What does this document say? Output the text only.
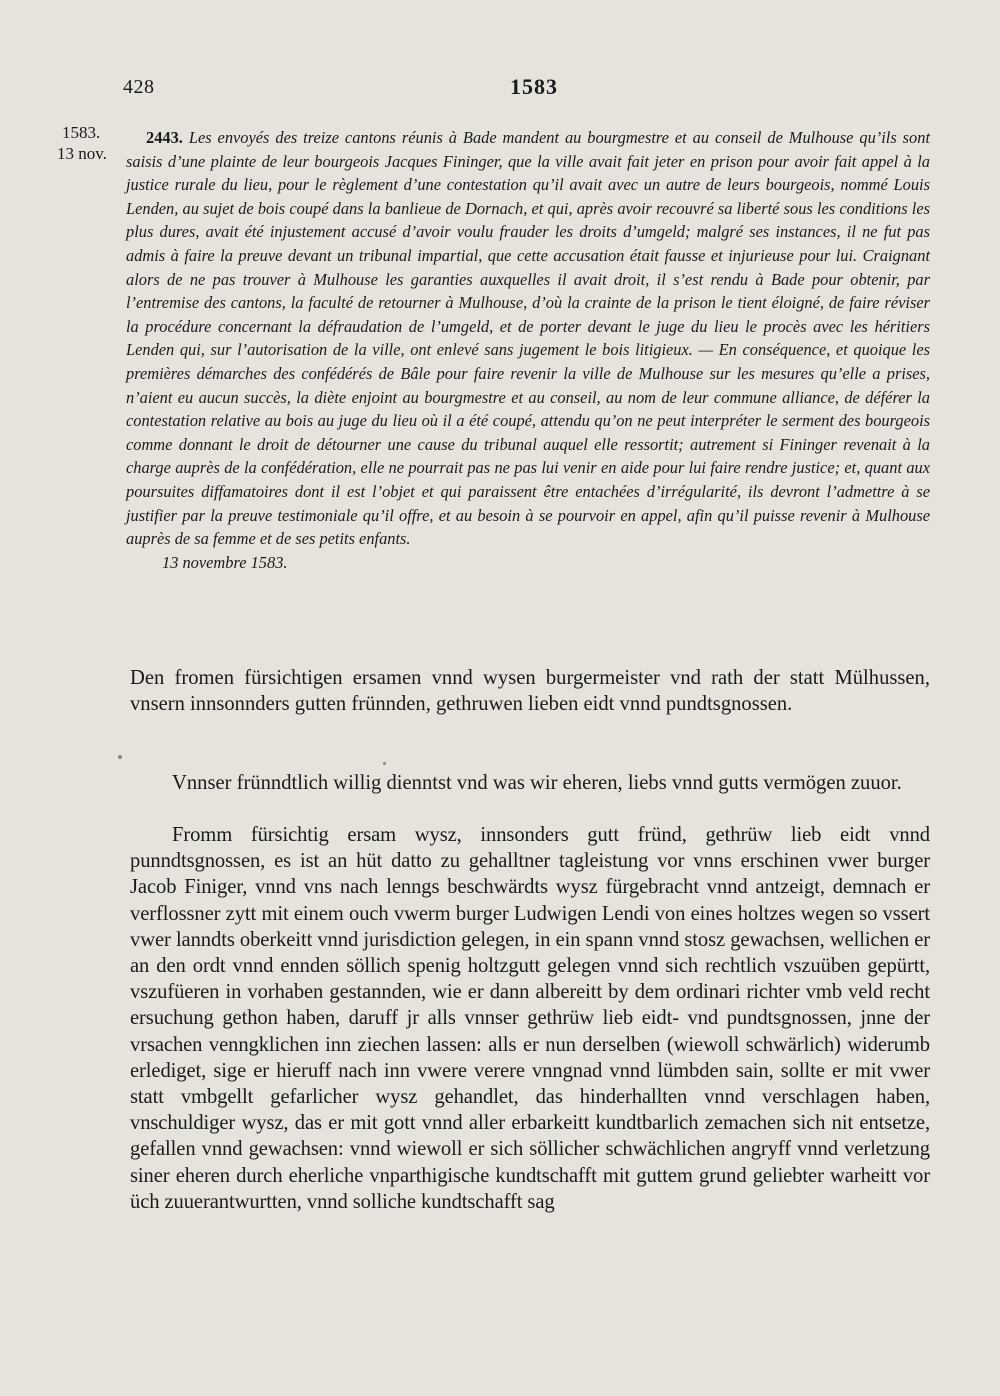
428	1583
1583.
13 nov.
2443. Les envoyés des treize cantons réunis à Bade mandent au bourgmestre et au conseil de Mulhouse qu’ils sont saisis d’une plainte de leur bourgeois Jacques Fininger, que la ville avait fait jeter en prison pour avoir fait appel à la justice rurale du lieu, pour le règlement d’une contestation qu’il avait avec un autre de leurs bourgeois, nommé Louis Lenden, au sujet de bois coupé dans la banlieue de Dornach, et qui, après avoir recouvré sa liberté sous les conditions les plus dures, avait été injustement accusé d’avoir voulu frauder les droits d’umgeld; malgré ses instances, il ne fut pas admis à faire la preuve devant un tribunal impartial, que cette accusation était fausse et injurieuse pour lui. Craignant alors de ne pas trouver à Mulhouse les garanties auxquelles il avait droit, il s’est rendu à Bade pour obtenir, par l’entremise des cantons, la faculté de retourner à Mulhouse, d’où la crainte de la prison le tient éloigné, de faire réviser la procédure concernant la défraudation de l’umgeld, et de porter devant le juge du lieu le procès avec les héritiers Lenden qui, sur l’autorisation de la ville, ont enlevé sans jugement le bois litigieux. — En conséquence, et quoique les premières démarches des confédérés de Bâle pour faire revenir la ville de Mulhouse sur les mesures qu’elle a prises, n’aient eu aucun succès, la diète enjoint au bourgmestre et au conseil, au nom de leur commune alliance, de déférer la contestation relative au bois au juge du lieu où il a été coupé, attendu qu’on ne peut interpréter le serment des bourgeois comme donnant le droit de détourner une cause du tribunal auquel elle ressortit; autrement si Fininger revenait à la charge auprès de la confédération, elle ne pourrait pas ne pas lui venir en aide pour lui faire rendre justice; et, quant aux poursuites diffamatoires dont il est l’objet et qui paraissent être entachées d’irrégularité, ils devront l’admettre à se justifier par la preuve testimoniale qu’il offre, et au besoin à se pourvoir en appel, afin qu’il puisse revenir à Mulhouse auprès de sa femme et de ses petits enfants.
13 novembre 1583.
Den fromen fürsichtigen ersamen vnnd wysen burgermeister vnd rath der statt Mülhussen, vnsern innsonnders gutten frünnden, gethruwen lieben eidt vnnd pundtsgnossen.
Vnnser frünndtlich willig dienntst vnd was wir eheren, liebs vnnd gutts vermögen zuuor.
Fromm fürsichtig ersam wysz, innsonders gutt fründ, gethrüw lieb eidt vnnd punndtsgnossen, es ist an hüt datto zu gehalltner tagleistung vor vnns erschinen vwer burger Jacob Finiger, vnnd vns nach lenngs beschwärdts wysz fürgebracht vnnd antzeigt, demnach er verflossner zytt mit einem ouch vwerm burger Ludwigen Lendi von eines holtzes wegen so vssert vwer lanndts oberkeitt vnnd jurisdiction gelegen, in ein spann vnnd stosz gewachsen, wellichen er an den ordt vnnd ennden söllich spenig holtzgutt gelegen vnnd sich rechtlich vszuüben gepürtt, vszufüeren in vorhaben gestannden, wie er dann albereitt by dem ordinari richter vmb veld recht ersuchung gethon haben, daruff jr alls vnnser gethrüw lieb eidt- vnd pundtsgnossen, jnne der vrsachen venngklichen inn ziechen lassen: alls er nun derselben (wiewoll schwärlich) widerumb erlediget, sige er hieruff nach inn vwere verere vnngnad vnnd lümbden sain, sollte er mit vwer statt vmbgellt gefarlicher wysz gehandlet, das hinderhallten vnnd verschlagen haben, vnschuldiger wysz, das er mit gott vnnd aller erbarkeitt kundtbarlich zemachen sich nit entsetze, gefallen vnnd gewachsen: vnnd wiewoll er sich söllicher schwächlichen angryff vnnd verletzung siner eheren durch eherliche vnparthigische kundtschafft mit guttem grund geliebter warheitt vor üch zuuerantwurtten, vnnd solliche kundtschafft sag
